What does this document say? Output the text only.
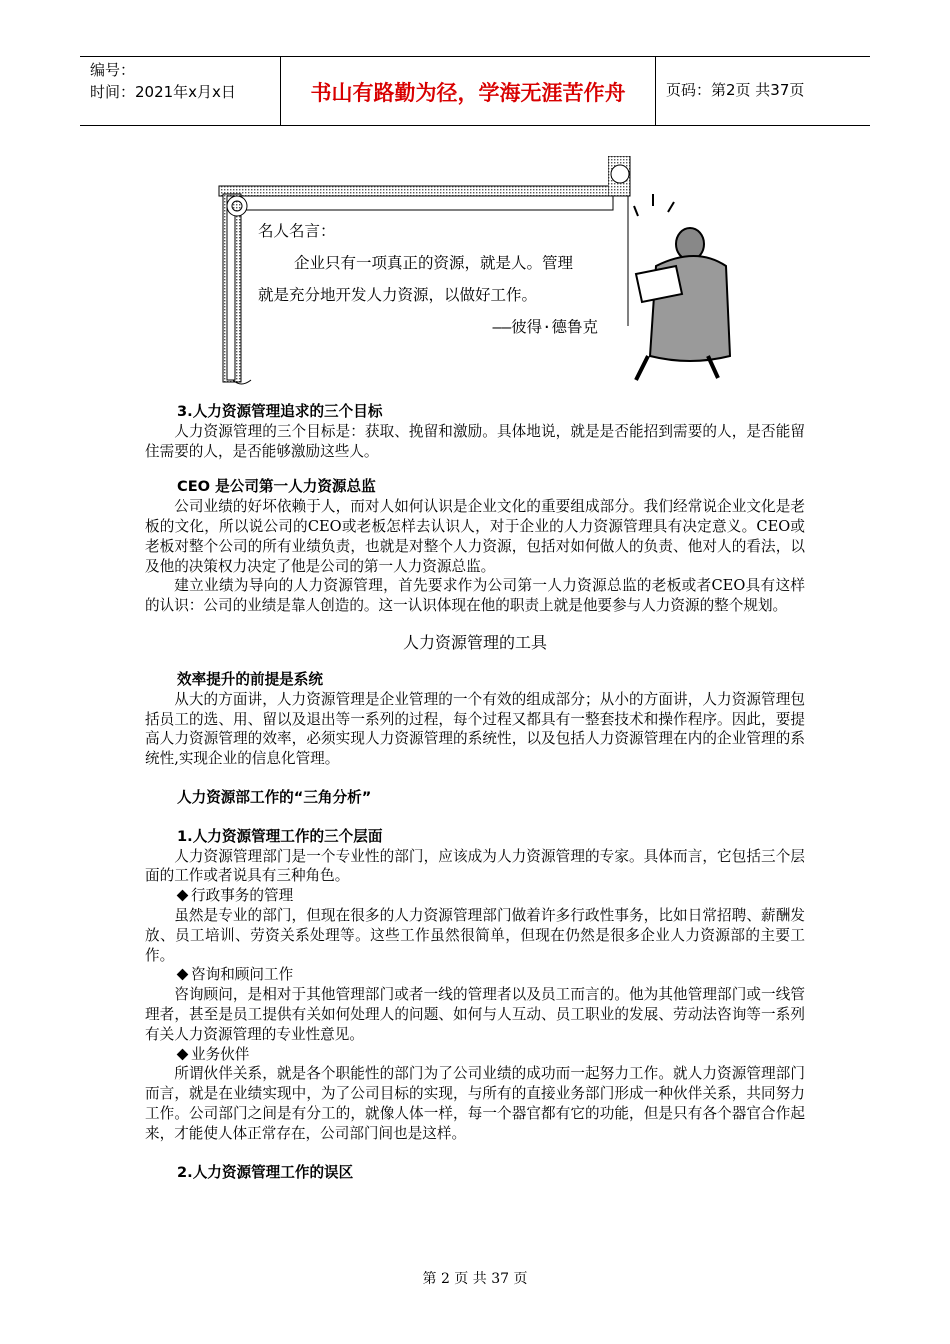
编号：
时间：2021年x月x日	书山有路勤为径，学海无涯苦作舟	页码：第2页 共37页
名人名言：
企业只有一项真正的资源，就是人。管理
就是充分地开发人力资源，以做好工作。
——彼得·德鲁克
3.人力资源管理追求的三个目标

人力资源管理的三个目标是：获取、挽留和激励。具体地说，就是是否能招到需要的人，是否能留住需要的人，是否能够激励这些人。

CEO 是公司第一人力资源总监

公司业绩的好坏依赖于人，而对人如何认识是企业文化的重要组成部分。我们经常说企业文化是老板的文化，所以说公司的CEO或老板怎样去认识人，对于企业的人力资源管理具有决定意义。CEO或老板对整个公司的所有业绩负责，也就是对整个人力资源，包括对如何做人的负责、他对人的看法，以及他的决策权力决定了他是公司的第一人力资源总监。

建立业绩为导向的人力资源管理，首先要求作为公司第一人力资源总监的老板或者CEO具有这样的认识：公司的业绩是靠人创造的。这一认识体现在他的职责上就是他要参与人力资源的整个规划。

人力资源管理的工具
效率提升的前提是系统

从大的方面讲，人力资源管理是企业管理的一个有效的组成部分；从小的方面讲，人力资源管理包括员工的选、用、留以及退出等一系列的过程，每个过程又都具有一整套技术和操作程序。因此，要提高人力资源管理的效率，必须实现人力资源管理的系统性，以及包括人力资源管理在内的企业管理的系统性,实现企业的信息化管理。

人力资源部工作的“三角分析”
1.人力资源管理工作的三个层面

人力资源管理部门是一个专业性的部门，应该成为人力资源管理的专家。具体而言，它包括三个层面的工作或者说具有三种角色。

行政事务的管理

虽然是专业的部门，但现在很多的人力资源管理部门做着许多行政性事务，比如日常招聘、薪酬发放、员工培训、劳资关系处理等。这些工作虽然很简单，但现在仍然是很多企业人力资源部的主要工作。

咨询和顾问工作

咨询顾问，是相对于其他管理部门或者一线的管理者以及员工而言的。他为其他管理部门或一线管理者，甚至是员工提供有关如何处理人的问题、如何与人互动、员工职业的发展、劳动法咨询等一系列有关人力资源管理的专业性意见。

业务伙伴

所谓伙伴关系，就是各个职能性的部门为了公司业绩的成功而一起努力工作。就人力资源管理部门而言，就是在业绩实现中，为了公司目标的实现，与所有的直接业务部门形成一种伙伴关系，共同努力工作。公司部门之间是有分工的，就像人体一样，每一个器官都有它的功能，但是只有各个器官合作起来，才能使人体正常存在，公司部门间也是这样。

2.人力资源管理工作的误区
第 2 页 共 37 页
